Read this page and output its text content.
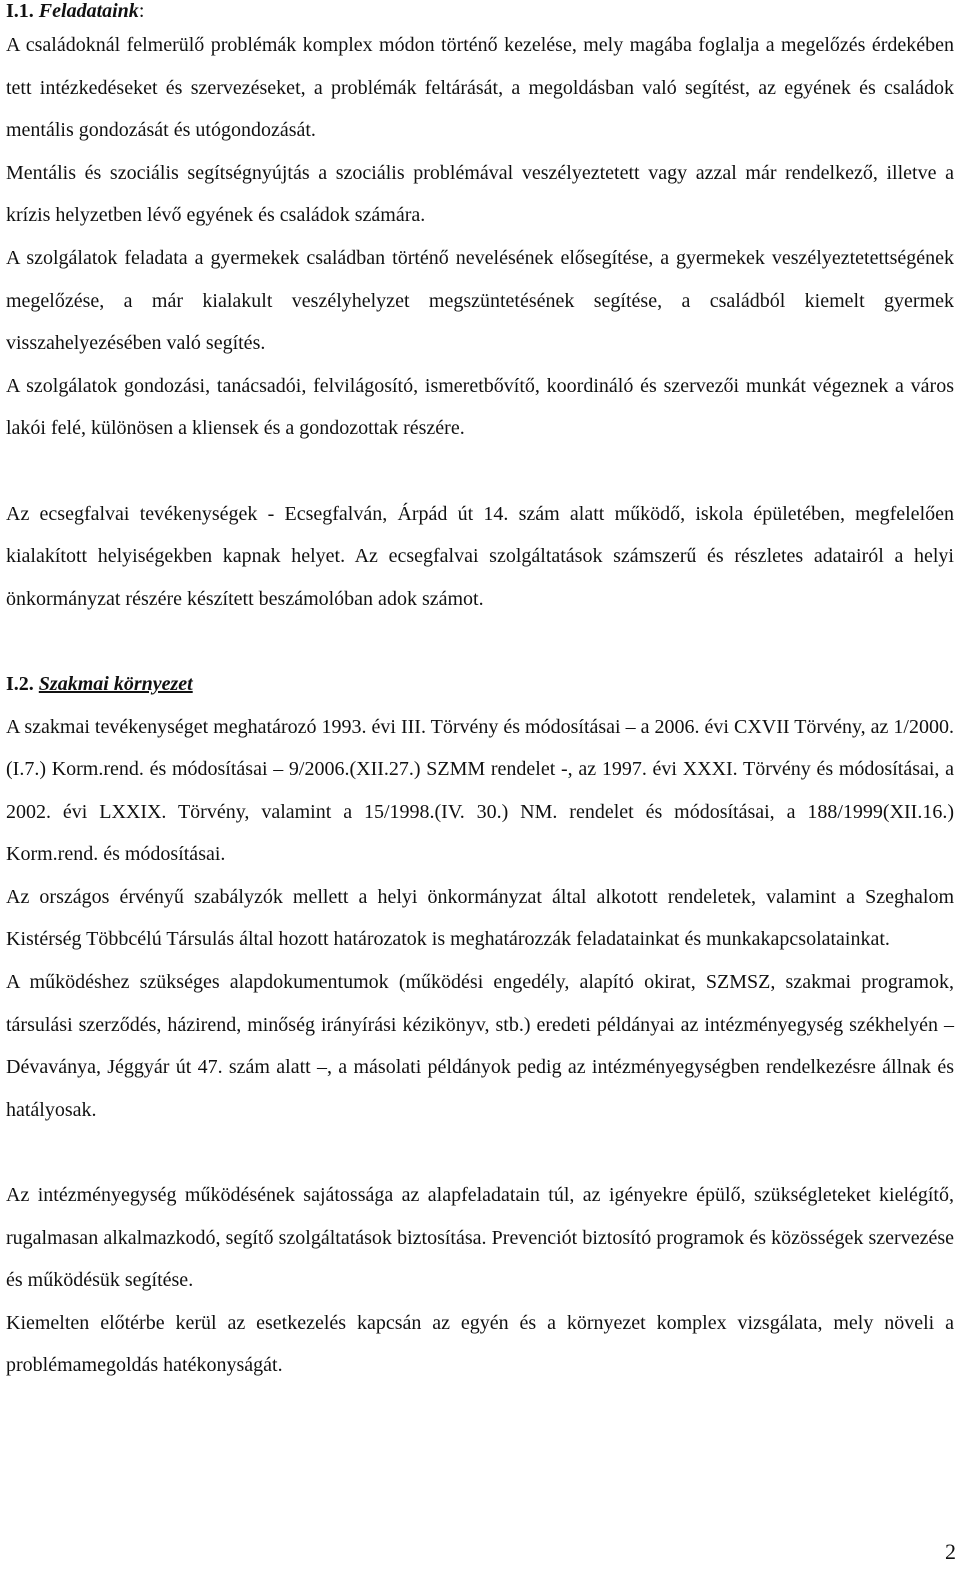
I.1. Feladataink:

A családoknál felmerülő problémák komplex módon történő kezelése, mely magába foglalja a megelőzés érdekében tett intézkedéseket és szervezéseket, a problémák feltárását, a megoldásban való segítést, az egyének és családok mentális gondozását és utógondozását.

Mentális és szociális segítségnyújtás a szociális problémával veszélyeztetett vagy azzal már rendelkező, illetve a krízis helyzetben lévő egyének és családok számára.

A szolgálatok feladata a gyermekek családban történő nevelésének elősegítése, a gyermekek veszélyeztetettségének megelőzése, a már kialakult veszélyhelyzet megszüntetésének segítése, a családból kiemelt gyermek visszahelyezésében való segítés.

A szolgálatok gondozási, tanácsadói, felvilágosító, ismeretbővítő, koordináló és szervezői munkát végeznek a város lakói felé, különösen a kliensek és a gondozottak részére.

Az ecsegfalvai tevékenységek - Ecsegfalván, Árpád út 14. szám alatt működő, iskola épületében, megfelelően kialakított helyiségekben kapnak helyet. Az ecsegfalvai szolgáltatások számszerű és részletes adatairól a helyi önkormányzat részére készített beszámolóban adok számot.

I.2. Szakmai környezet

A szakmai tevékenységet meghatározó 1993. évi III. Törvény és módosításai – a 2006. évi CXVII Törvény, az 1/2000.(I.7.) Korm.rend. és módosításai – 9/2006.(XII.27.) SZMM rendelet -, az 1997. évi XXXI. Törvény és módosításai, a 2002. évi LXXIX. Törvény, valamint a 15/1998.(IV. 30.) NM. rendelet és módosításai, a 188/1999(XII.16.) Korm.rend. és módosításai.

Az országos érvényű szabályzók mellett a helyi önkormányzat által alkotott rendeletek, valamint a Szeghalom Kistérség Többcélú Társulás által hozott határozatok is meghatározzák feladatainkat és munkakapcsolatainkat.

A működéshez szükséges alapdokumentumok (működési engedély, alapító okirat, SZMSZ, szakmai programok, társulási szerződés, házirend, minőség irányírási kézikönyv, stb.) eredeti példányai az intézményegység székhelyén – Dévaványa, Jéggyár út 47. szám alatt –, a másolati példányok pedig az intézményegységben rendelkezésre állnak és hatályosak.

Az intézményegység működésének sajátossága az alapfeladatain túl, az igényekre épülő, szükségleteket kielégítő, rugalmasan alkalmazkodó, segítő szolgáltatások biztosítása. Prevenciót biztosító programok és közösségek szervezése és működésük segítése.

Kiemelten előtérbe kerül az esetkezelés kapcsán az egyén és a környezet komplex vizsgálata, mely növeli a problémamegoldás hatékonyságát.

2
